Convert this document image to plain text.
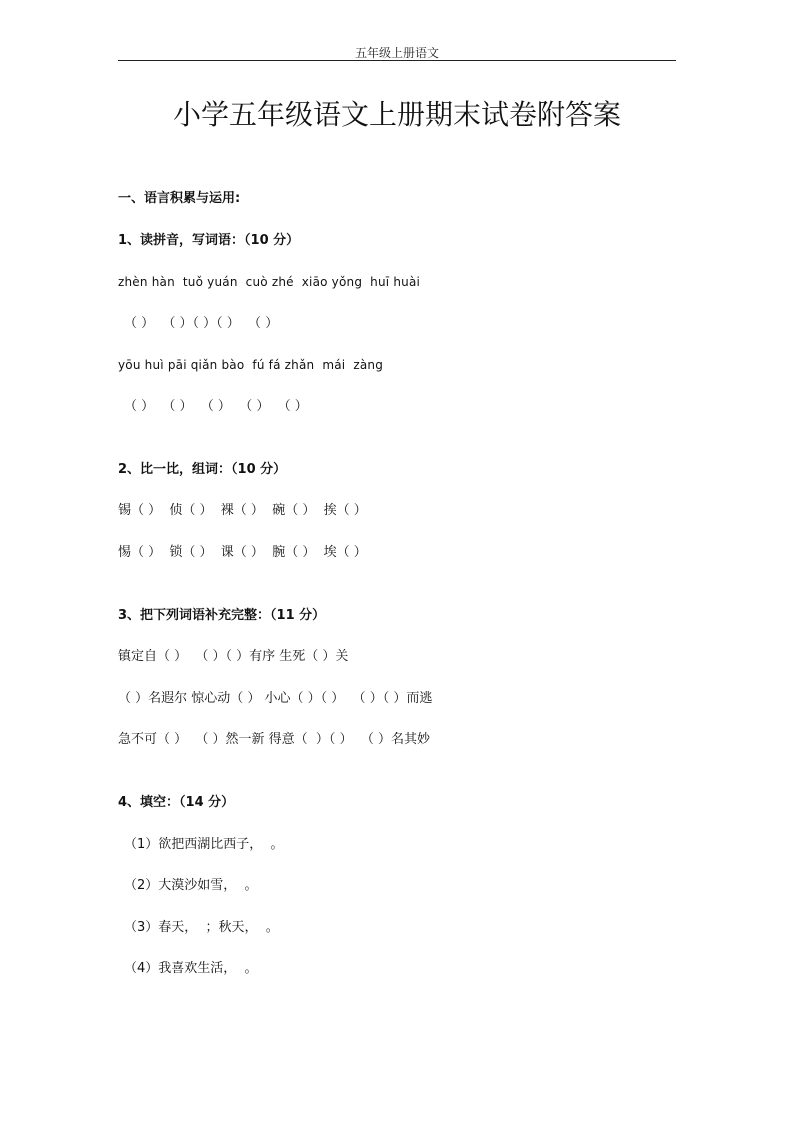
五年级上册语文
小学五年级语文上册期末试卷附答案
一、语言积累与运用:
1、读拼音，写词语：（10 分）
zhèn hàn  tuǒ yuán  cuò zhé  xiāo yǒng  huī huài
（ ）  （ ）（ ）（ ）  （ ）
yōu huì pāi qiǎn bào  fú fá zhǎn  mái  zàng
（ ）  （ ）  （ ）  （ ）  （ ）
2、比一比，组词：（10 分）
锡（ ）  侦（ ）  裸（ ）  碗（ ）  挨（ ）
惕（ ）  锁（ ）  课（ ）  腕（ ）  埃（ ）
3、把下列词语补充完整：（11 分）
镇定自（ ）  （ ）（ ）有序 生死（ ）关
（ ）名遐尔 惊心动（ ） 小心（ ）（ ）  （ ）（ ）而逃
急不可（ ）  （ ）然一新 得意（  ）（ ）  （ ）名其妙
4、填空：（14 分）
（1）欲把西湖比西子，  。
（2）大漠沙如雪，  。
（3）春天，  ；秋天，  。
（4）我喜欢生活，  。
